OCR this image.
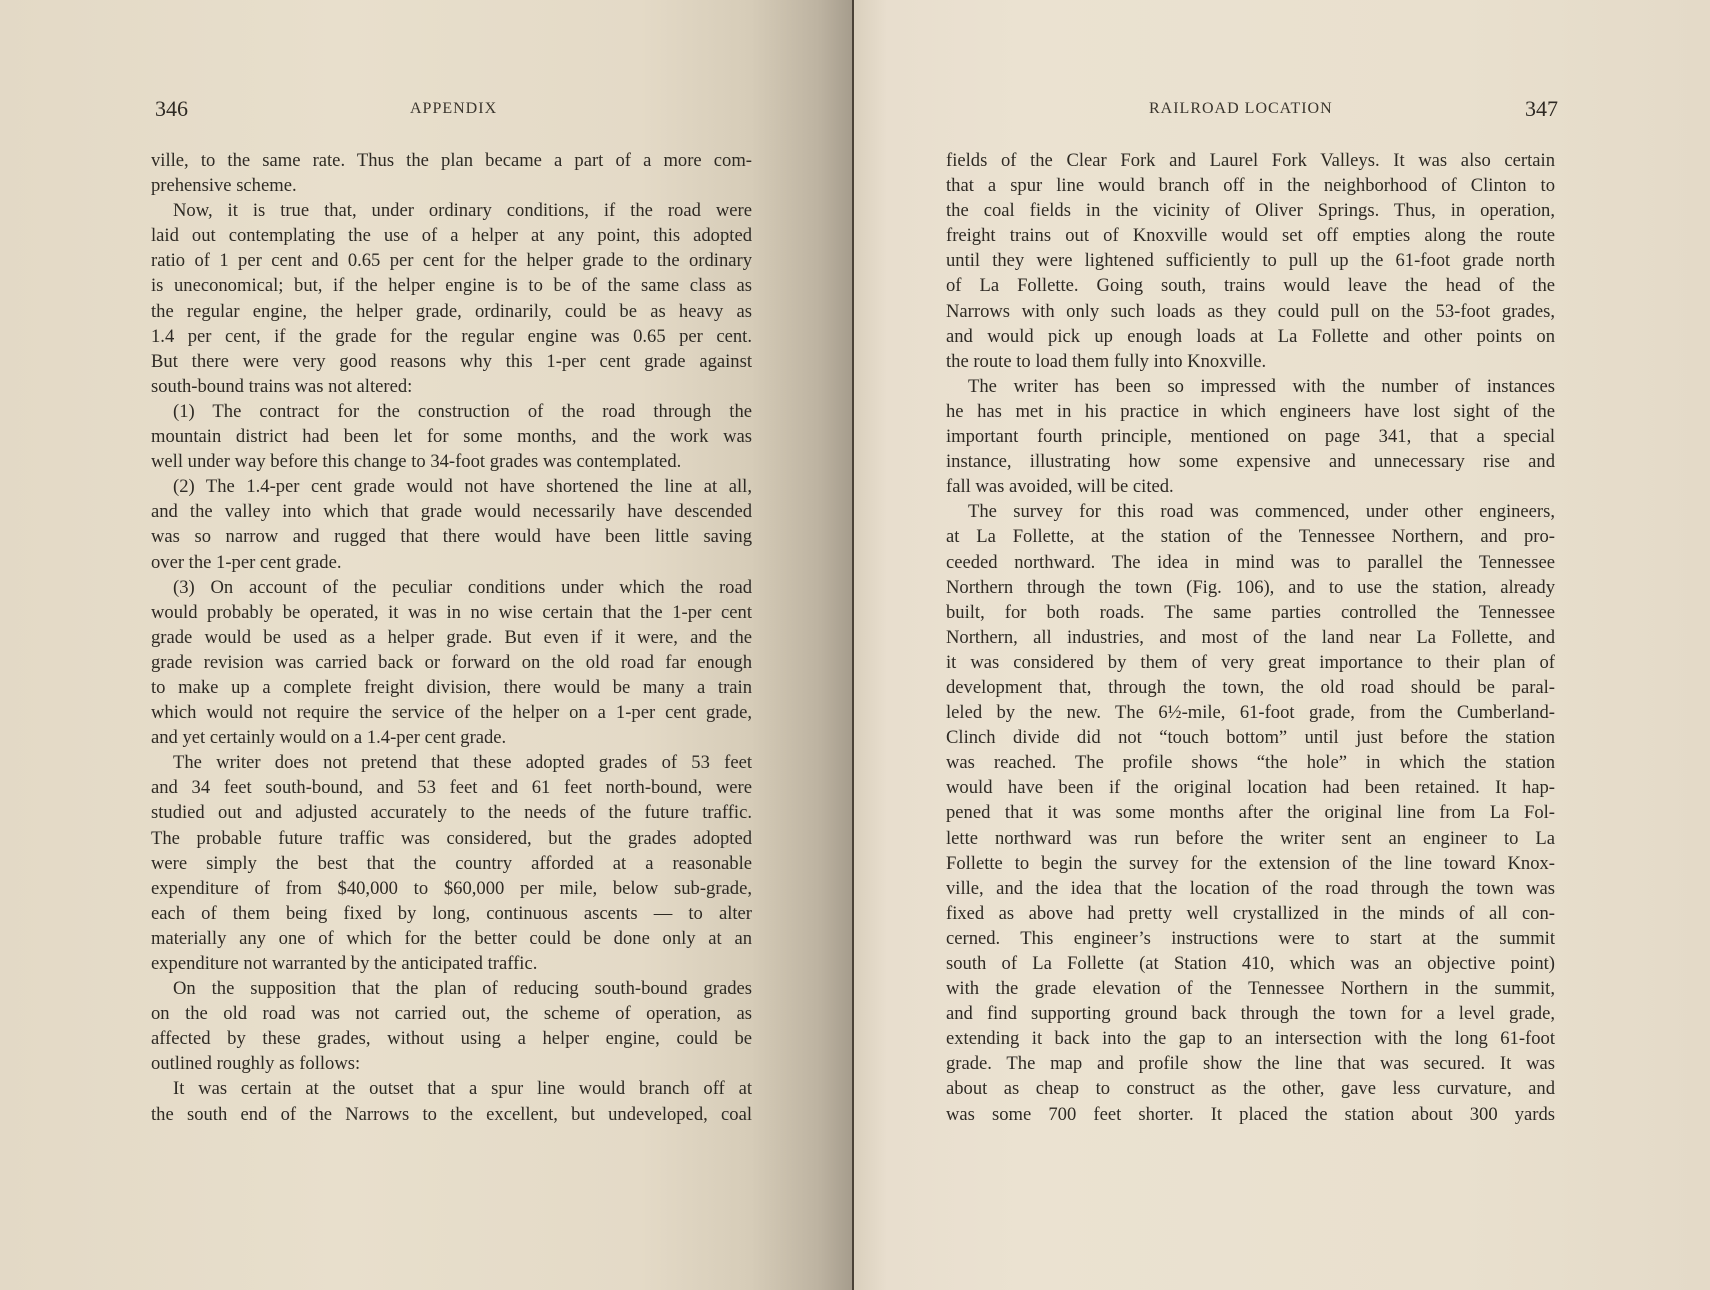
346	APPENDIX
ville, to the same rate. Thus the plan became a part of a more com-
prehensive scheme.
Now, it is true that, under ordinary conditions, if the road were
laid out contemplating the use of a helper at any point, this adopted
ratio of 1 per cent and 0.65 per cent for the helper grade to the ordinary
is uneconomical; but, if the helper engine is to be of the same class as
the regular engine, the helper grade, ordinarily, could be as heavy as
1.4 per cent, if the grade for the regular engine was 0.65 per cent.
But there were very good reasons why this 1-per cent grade against
south-bound trains was not altered:
(1) The contract for the construction of the road through the
mountain district had been let for some months, and the work was
well under way before this change to 34-foot grades was contemplated.
(2) The 1.4-per cent grade would not have shortened the line at all,
and the valley into which that grade would necessarily have descended
was so narrow and rugged that there would have been little saving
over the 1-per cent grade.
(3) On account of the peculiar conditions under which the road
would probably be operated, it was in no wise certain that the 1-per cent
grade would be used as a helper grade. But even if it were, and the
grade revision was carried back or forward on the old road far enough
to make up a complete freight division, there would be many a train
which would not require the service of the helper on a 1-per cent grade,
and yet certainly would on a 1.4-per cent grade.
The writer does not pretend that these adopted grades of 53 feet
and 34 feet south-bound, and 53 feet and 61 feet north-bound, were
studied out and adjusted accurately to the needs of the future traffic.
The probable future traffic was considered, but the grades adopted
were simply the best that the country afforded at a reasonable
expenditure of from $40,000 to $60,000 per mile, below sub-grade,
each of them being fixed by long, continuous ascents — to alter
materially any one of which for the better could be done only at an
expenditure not warranted by the anticipated traffic.
On the supposition that the plan of reducing south-bound grades
on the old road was not carried out, the scheme of operation, as
affected by these grades, without using a helper engine, could be
outlined roughly as follows:
It was certain at the outset that a spur line would branch off at
the south end of the Narrows to the excellent, but undeveloped, coal
RAILROAD LOCATION	347
fields of the Clear Fork and Laurel Fork Valleys. It was also certain
that a spur line would branch off in the neighborhood of Clinton to
the coal fields in the vicinity of Oliver Springs. Thus, in operation,
freight trains out of Knoxville would set off empties along the route
until they were lightened sufficiently to pull up the 61-foot grade north
of La Follette. Going south, trains would leave the head of the
Narrows with only such loads as they could pull on the 53-foot grades,
and would pick up enough loads at La Follette and other points on
the route to load them fully into Knoxville.
The writer has been so impressed with the number of instances
he has met in his practice in which engineers have lost sight of the
important fourth principle, mentioned on page 341, that a special
instance, illustrating how some expensive and unnecessary rise and
fall was avoided, will be cited.
The survey for this road was commenced, under other engineers,
at La Follette, at the station of the Tennessee Northern, and pro-
ceeded northward. The idea in mind was to parallel the Tennessee
Northern through the town (Fig. 106), and to use the station, already
built, for both roads. The same parties controlled the Tennessee
Northern, all industries, and most of the land near La Follette, and
it was considered by them of very great importance to their plan of
development that, through the town, the old road should be paral-
leled by the new. The 6½-mile, 61-foot grade, from the Cumberland-
Clinch divide did not “touch bottom” until just before the station
was reached. The profile shows “the hole” in which the station
would have been if the original location had been retained. It hap-
pened that it was some months after the original line from La Fol-
lette northward was run before the writer sent an engineer to La
Follette to begin the survey for the extension of the line toward Knox-
ville, and the idea that the location of the road through the town was
fixed as above had pretty well crystallized in the minds of all con-
cerned. This engineer’s instructions were to start at the summit
south of La Follette (at Station 410, which was an objective point)
with the grade elevation of the Tennessee Northern in the summit,
and find supporting ground back through the town for a level grade,
extending it back into the gap to an intersection with the long 61-foot
grade. The map and profile show the line that was secured. It was
about as cheap to construct as the other, gave less curvature, and
was some 700 feet shorter. It placed the station about 300 yards
